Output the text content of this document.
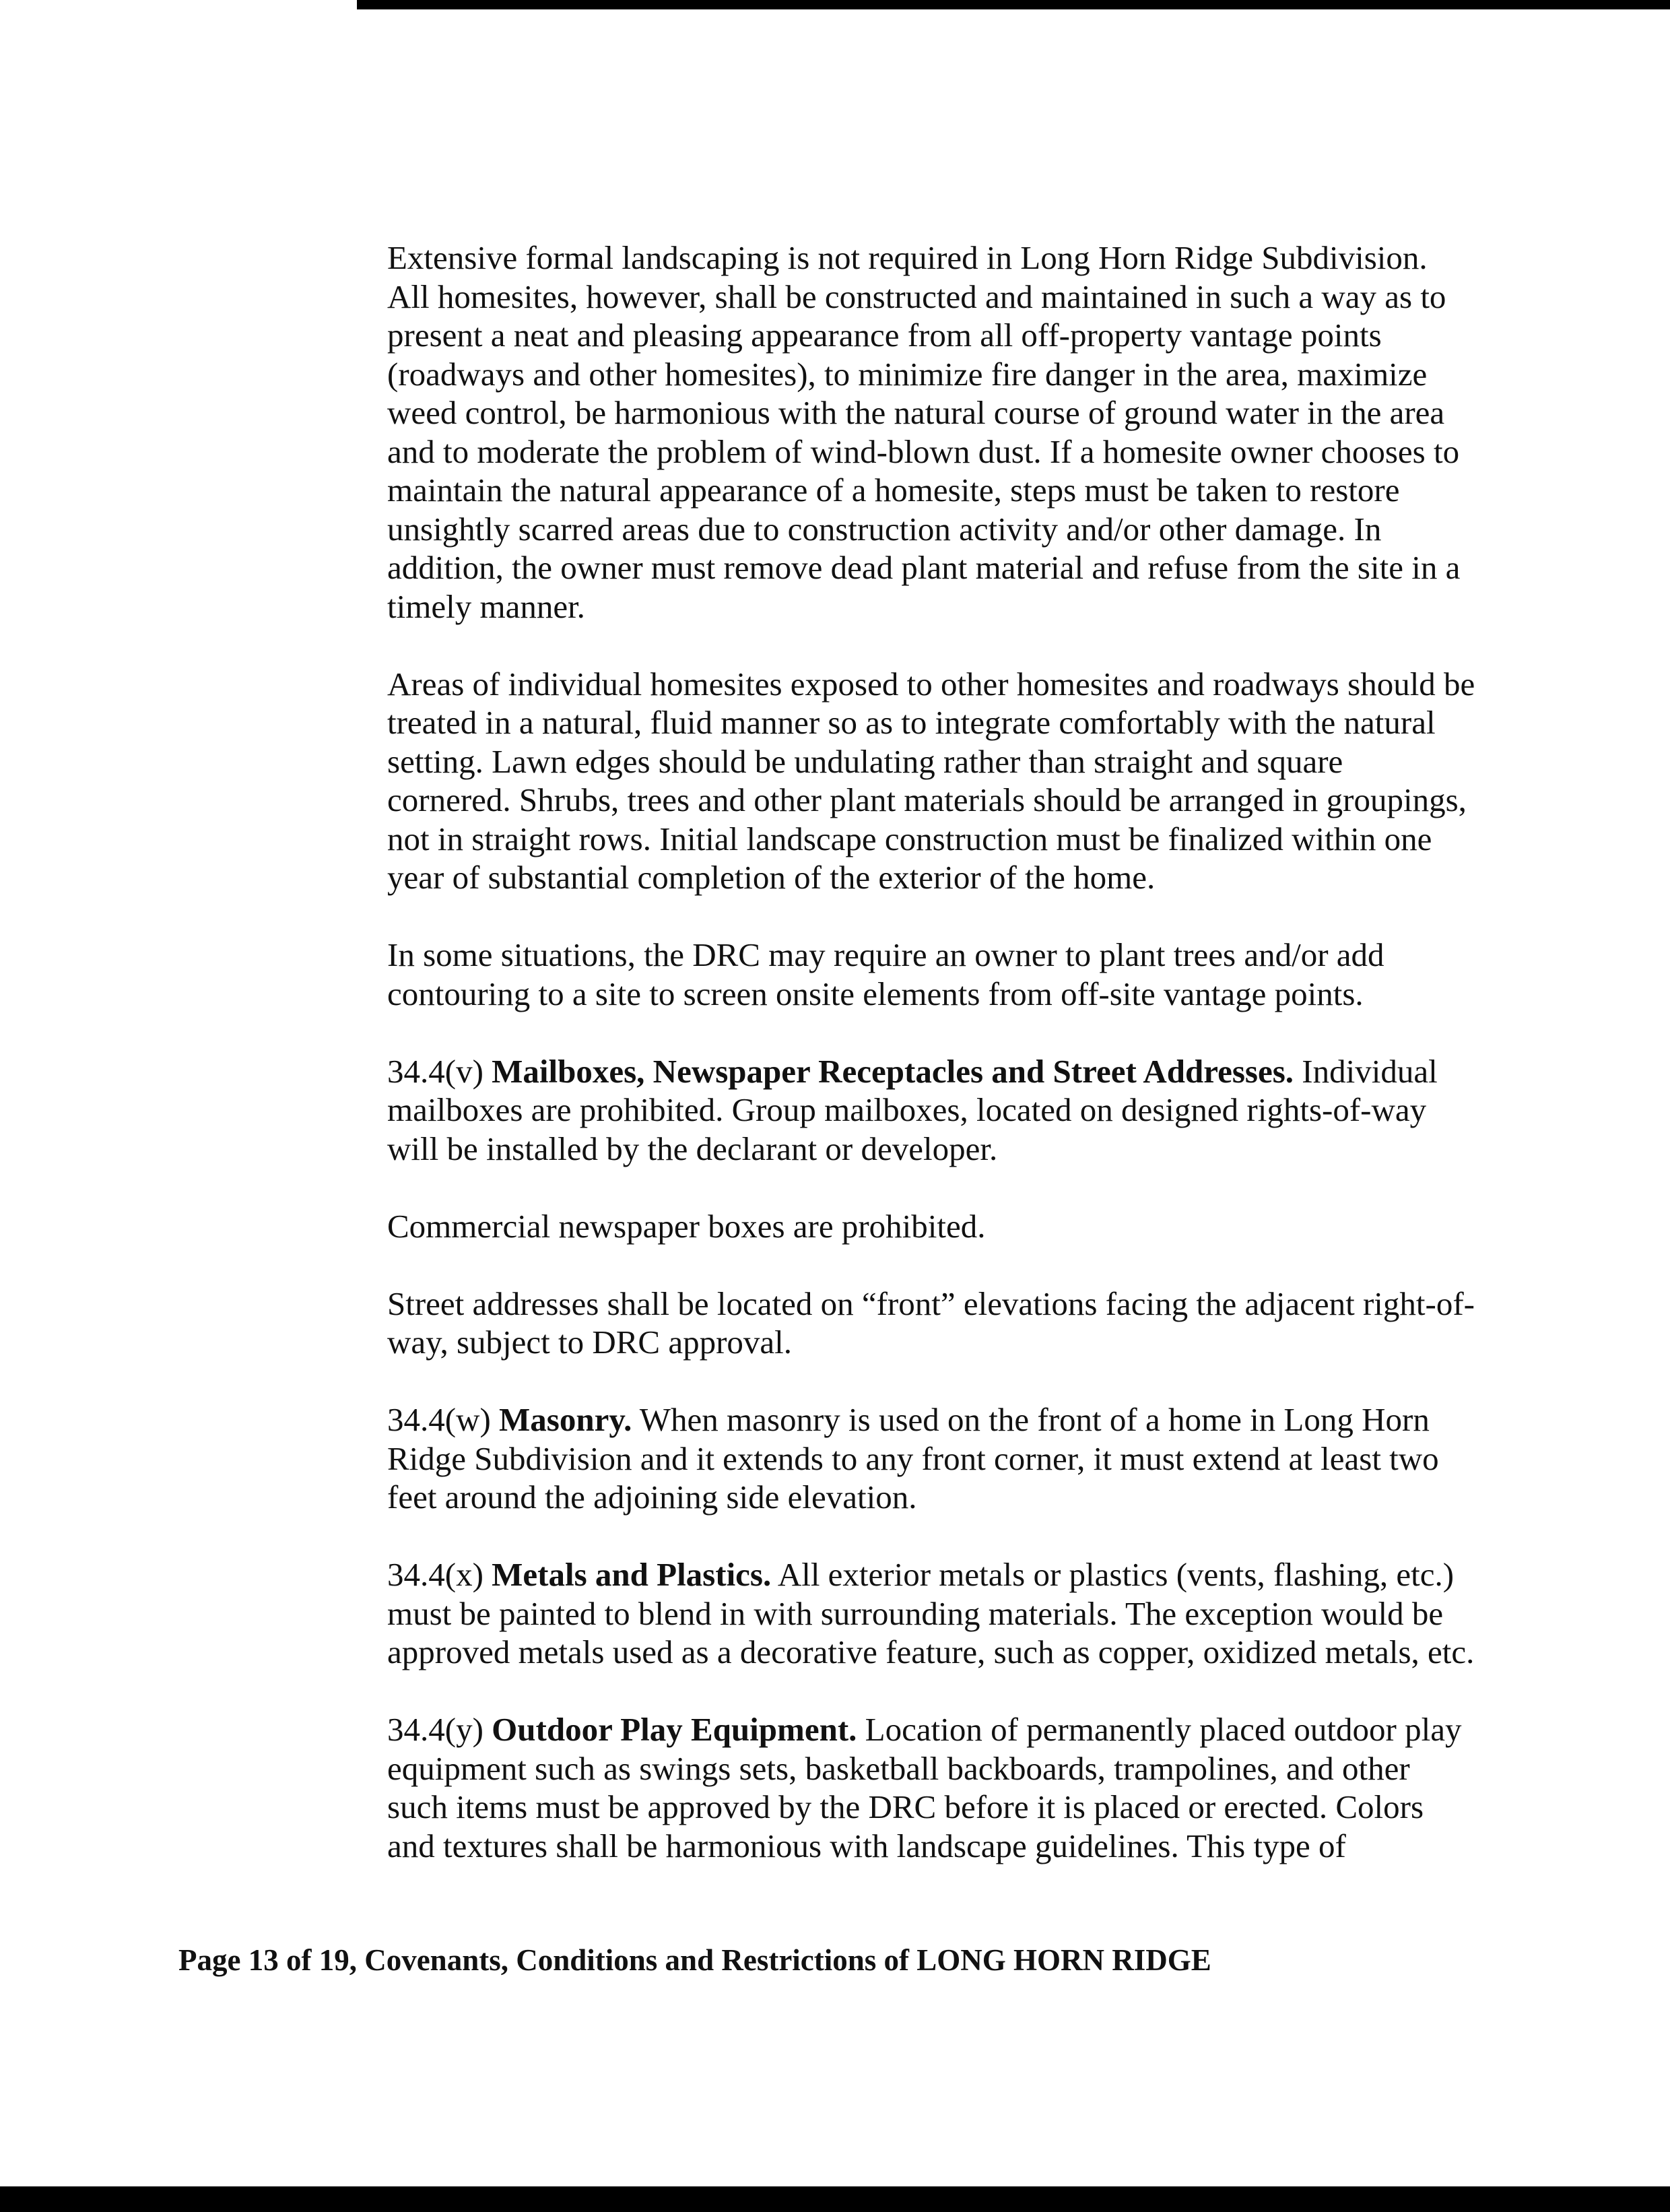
Extensive formal landscaping is not required in Long Horn Ridge Subdivision.
All homesites, however, shall be constructed and maintained in such a way as to
present a neat and pleasing appearance from all off-property vantage points
(roadways and other homesites), to minimize fire danger in the area, maximize
weed control, be harmonious with the natural course of ground water in the area
and to moderate the problem of wind-blown dust. If a homesite owner chooses to
maintain the natural appearance of a homesite, steps must be taken to restore
unsightly scarred areas due to construction activity and/or other damage. In
addition, the owner must remove dead plant material and refuse from the site in a
timely manner.

Areas of individual homesites exposed to other homesites and roadways should be
treated in a natural, fluid manner so as to integrate comfortably with the natural
setting. Lawn edges should be undulating rather than straight and square
cornered. Shrubs, trees and other plant materials should be arranged in groupings,
not in straight rows. Initial landscape construction must be finalized within one
year of substantial completion of the exterior of the home.

In some situations, the DRC may require an owner to plant trees and/or add
contouring to a site to screen onsite elements from off-site vantage points.

34.4(v) Mailboxes, Newspaper Receptacles and Street Addresses. Individual
mailboxes are prohibited. Group mailboxes, located on designed rights-of-way
will be installed by the declarant or developer.

Commercial newspaper boxes are prohibited.

Street addresses shall be located on “front” elevations facing the adjacent right-of-
way, subject to DRC approval.

34.4(w) Masonry. When masonry is used on the front of a home in Long Horn
Ridge Subdivision and it extends to any front corner, it must extend at least two
feet around the adjoining side elevation.

34.4(x) Metals and Plastics. All exterior metals or plastics (vents, flashing, etc.)
must be painted to blend in with surrounding materials. The exception would be
approved metals used as a decorative feature, such as copper, oxidized metals, etc.

34.4(y) Outdoor Play Equipment. Location of permanently placed outdoor play
equipment such as swings sets, basketball backboards, trampolines, and other
such items must be approved by the DRC before it is placed or erected. Colors
and textures shall be harmonious with landscape guidelines. This type of

Page 13 of 19, Covenants, Conditions and Restrictions of LONG HORN RIDGE
